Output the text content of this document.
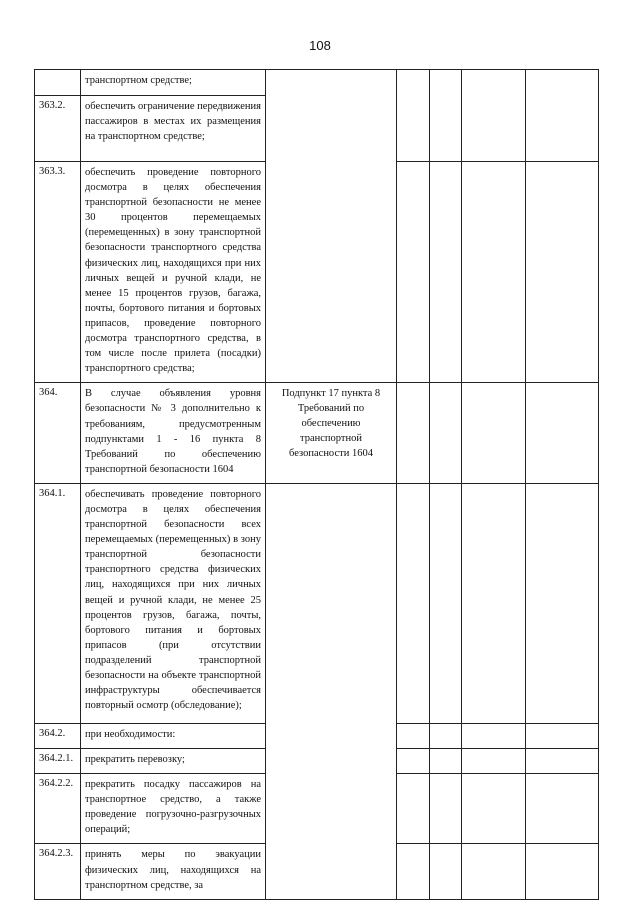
108
	транспортном средстве;					
363.2.	обеспечить ограничение передвижения пассажиров в местах их размещения на транспортном средстве;					
363.3.	обеспечить проведение повторного досмотра в целях обеспечения транспортной безопасности не менее 30 процентов перемещаемых (перемещенных) в зону транспортной безопасности транспортного средства физических лиц, находящихся при них личных вещей и ручной клади, не менее 15 процентов грузов, багажа, почты, бортового питания и бортовых припасов, проведение повторного досмотра транспортного средства, в том числе после прилета (посадки) транспортного средства;					
364.	В случае объявления уровня безопасности № 3 дополнительно к требованиям, предусмотренным подпунктами 1 - 16 пункта 8 Требований по обеспечению транспортной безопасности 1604	Подпункт 17 пункта 8 Требований по обеспечению транспортной безопасности 1604				

364.1.	обеспечивать проведение повторного досмотра в целях обеспечения транспортной безопасности всех перемещаемых (перемещенных) в зону транспортной безопасности транспортного средства физических лиц, находящихся при них личных вещей и ручной клади, не менее 25 процентов грузов, багажа, почты, бортового питания и бортовых припасов (при отсутствии подразделений транспортной безопасности на объекте транспортной инфраструктуры обеспечивается повторный осмотр (обследование);					
364.2.	при необходимости:					
364.2.1.	прекратить перевозку;					
364.2.2.	прекратить посадку пассажиров на транспортное средство, а также проведение погрузочно-разгрузочных операций;					
364.2.3.	принять меры по эвакуации физических лиц, находящихся на транспортном средстве, за					
